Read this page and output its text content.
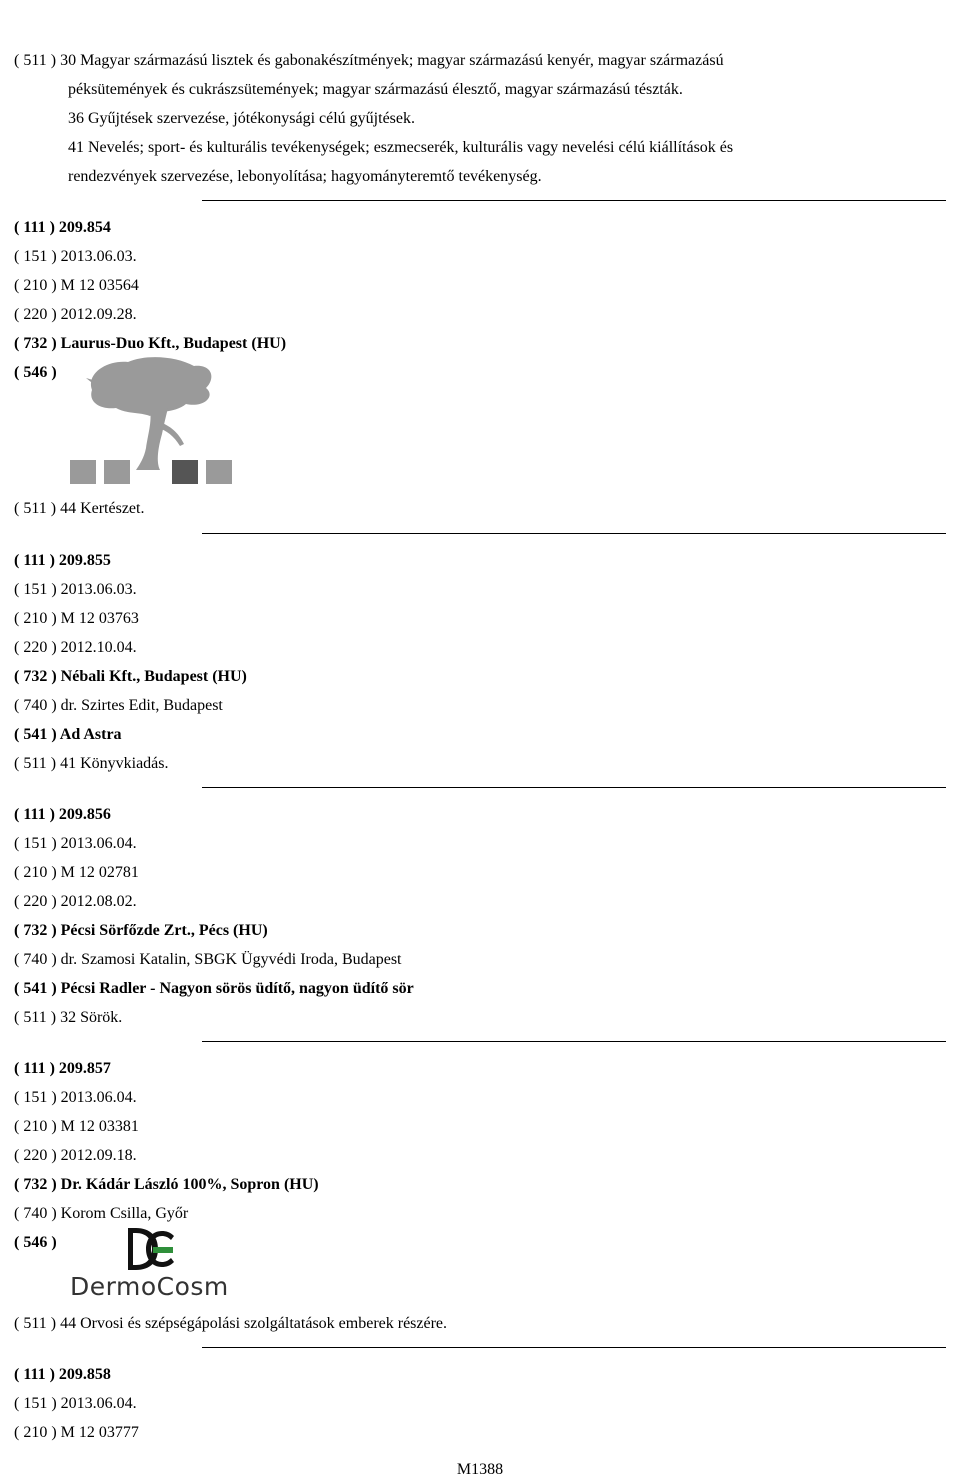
Szabadalmi Közlöny és Védjegyértesítő 118. évfolyam 12. szám, 2013.06.28.
Nemzeti lajstromozott védjegyek
( 511 ) 30 Magyar származású lisztek és gabonakészítmények; magyar származású kenyér, magyar származású
péksütemények és cukrászsütemények; magyar származású élesztő, magyar származású tészták.
36 Gyűjtések szervezése, jótékonysági célú gyűjtések.
41 Nevelés; sport- és kulturális tevékenységek; eszmecserék, kulturális vagy nevelési célú kiállítások és
rendezvények szervezése, lebonyolítása; hagyományteremtő tevékenység.
( 111 ) 209.854
( 151 ) 2013.06.03.
( 210 ) M 12 03564
( 220 ) 2012.09.28.
( 732 ) Laurus-Duo Kft., Budapest (HU)
( 546 )
( 511 ) 44 Kertészet.
( 111 ) 209.855
( 151 ) 2013.06.03.
( 210 ) M 12 03763
( 220 ) 2012.10.04.
( 732 ) Nébali Kft., Budapest (HU)
( 740 ) dr. Szirtes Edit, Budapest
( 541 ) Ad Astra
( 511 ) 41 Könyvkiadás.
( 111 ) 209.856
( 151 ) 2013.06.04.
( 210 ) M 12 02781
( 220 ) 2012.08.02.
( 732 ) Pécsi Sörfőzde Zrt., Pécs (HU)
( 740 ) dr. Szamosi Katalin, SBGK Ügyvédi Iroda, Budapest
( 541 ) Pécsi Radler - Nagyon sörös üdítő, nagyon üdítő sör
( 511 ) 32 Sörök.
( 111 ) 209.857
( 151 ) 2013.06.04.
( 210 ) M 12 03381
( 220 ) 2012.09.18.
( 732 ) Dr. Kádár László 100%, Sopron (HU)
( 740 ) Korom Csilla, Győr
( 546 )
DermoCosm
( 511 ) 44 Orvosi és szépségápolási szolgáltatások emberek részére.
( 111 ) 209.858
( 151 ) 2013.06.04.
( 210 ) M 12 03777
M1388
